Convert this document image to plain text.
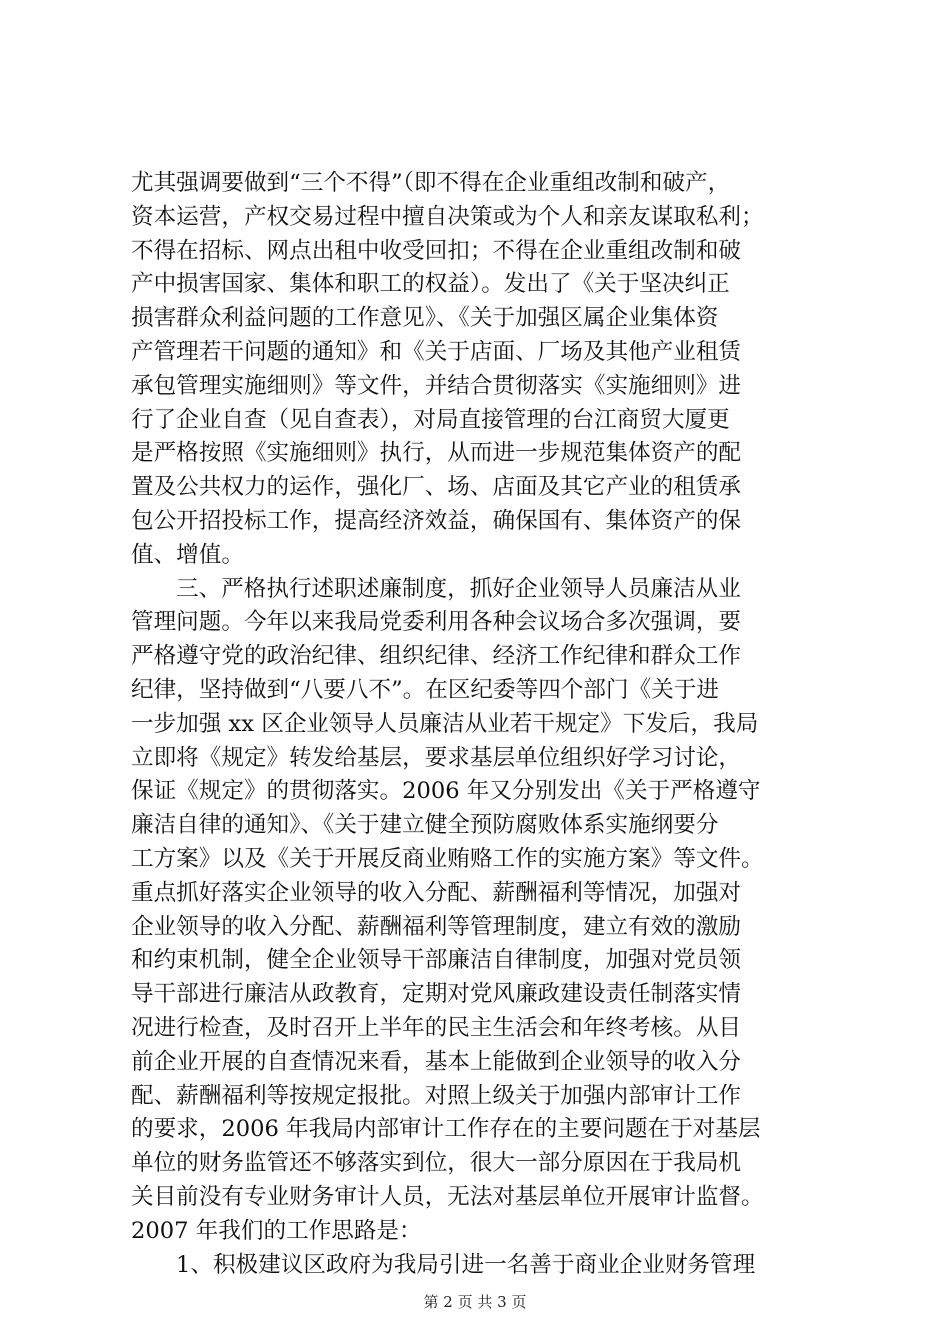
尤其强调要做到“三个不得”（即不得在企业重组改制和破产，
资本运营，产权交易过程中擅自决策或为个人和亲友谋取私利；
不得在招标、网点出租中收受回扣；不得在企业重组改制和破
产中损害国家、集体和职工的权益）。发出了《关于坚决纠正
损害群众利益问题的工作意见》、《关于加强区属企业集体资
产管理若干问题的通知》和《关于店面、厂场及其他产业租赁
承包管理实施细则》等文件，并结合贯彻落实《实施细则》进
行了企业自查（见自查表），对局直接管理的台江商贸大厦更
是严格按照《实施细则》执行，从而进一步规范集体资产的配
置及公共权力的运作，强化厂、场、店面及其它产业的租赁承
包公开招投标工作，提高经济效益，确保国有、集体资产的保
值、增值。
三、严格执行述职述廉制度，抓好企业领导人员廉洁从业
管理问题。今年以来我局党委利用各种会议场合多次强调，要
严格遵守党的政治纪律、组织纪律、经济工作纪律和群众工作
纪律，坚持做到“八要八不”。在区纪委等四个部门《关于进
一步加强 xx 区企业领导人员廉洁从业若干规定》下发后，我局
立即将《规定》转发给基层，要求基层单位组织好学习讨论，
保证《规定》的贯彻落实。2006 年又分别发出《关于严格遵守
廉洁自律的通知》、《关于建立健全预防腐败体系实施纲要分
工方案》以及《关于开展反商业贿赂工作的实施方案》等文件。
重点抓好落实企业领导的收入分配、薪酬福利等情况，加强对
企业领导的收入分配、薪酬福利等管理制度，建立有效的激励
和约束机制，健全企业领导干部廉洁自律制度，加强对党员领
导干部进行廉洁从政教育，定期对党风廉政建设责任制落实情
况进行检查，及时召开上半年的民主生活会和年终考核。从目
前企业开展的自查情况来看，基本上能做到企业领导的收入分
配、薪酬福利等按规定报批。对照上级关于加强内部审计工作
的要求，2006 年我局内部审计工作存在的主要问题在于对基层
单位的财务监管还不够落实到位，很大一部分原因在于我局机
关目前没有专业财务审计人员，无法对基层单位开展审计监督。
2007 年我们的工作思路是：
1、积极建议区政府为我局引进一名善于商业企业财务管理
第 2 页 共 3 页
